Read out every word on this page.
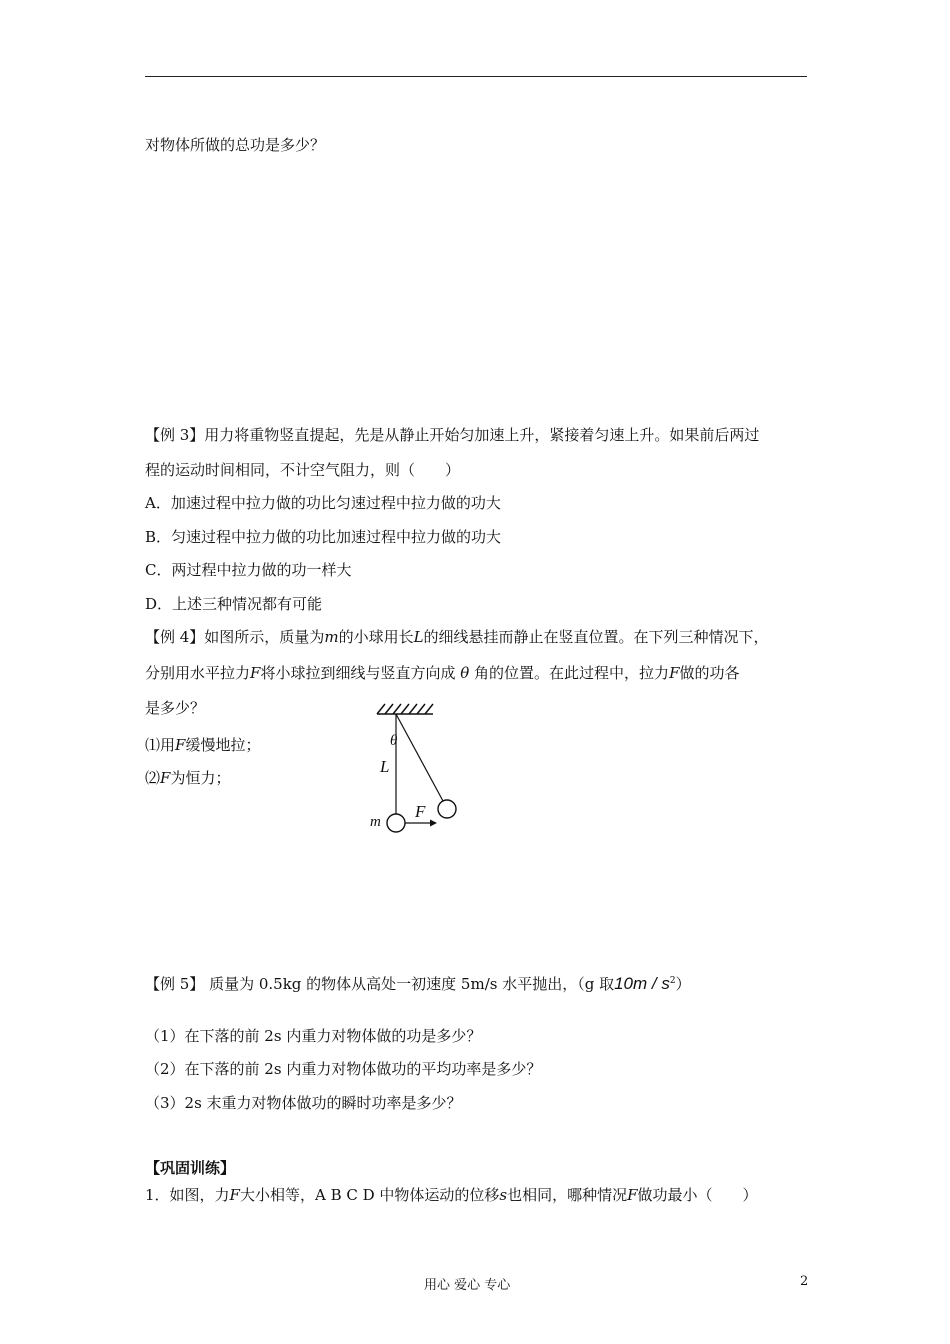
对物体所做的总功是多少？
【例 3】用力将重物竖直提起，先是从静止开始匀加速上升，紧接着匀速上升。如果前后两过
程的运动时间相同，不计空气阻力，则（　　）
A．加速过程中拉力做的功比匀速过程中拉力做的功大
B．匀速过程中拉力做的功比加速过程中拉力做的功大
C．两过程中拉力做的功一样大
D．上述三种情况都有可能
【例 4】如图所示，质量为m的小球用长L的细线悬挂而静止在竖直位置。在下列三种情况下，
分别用水平拉力F将小球拉到细线与竖直方向成 θ 角的位置。在此过程中，拉力F做的功各
是多少？
⑴用F缓慢地拉；
⑵F为恒力；
θ
L
m
F
【例 5】 质量为 0.5kg 的物体从高处一初速度 5m/s 水平抛出，（g 取$10m / s^2$）
（1）在下落的前 2s 内重力对物体做的功是多少？
（2）在下落的前 2s 内重力对物体做功的平均功率是多少？
（3）2s 末重力对物体做功的瞬时功率是多少？
【巩固训练】
1．如图，力F大小相等，A B C D 中物体运动的位移s也相同，哪种情况F做功最小（　　）
用心 爱心 专心	2
